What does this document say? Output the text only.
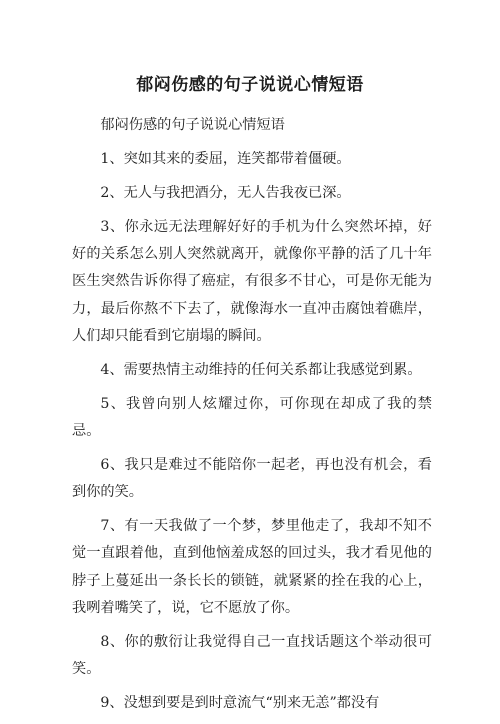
郁闷伤感的句子说说心情短语

郁闷伤感的句子说说心情短语

1、突如其来的委屈，连笑都带着僵硬。

2、无人与我把酒分，无人告我夜已深。

3、你永远无法理解好好的手机为什么突然坏掉，好好的关系怎么别人突然就离开，就像你平静的活了几十年医生突然告诉你得了癌症，有很多不甘心，可是你无能为力，最后你熬不下去了，就像海水一直冲击腐蚀着礁岸，人们却只能看到它崩塌的瞬间。

4、需要热情主动维持的任何关系都让我感觉到累。

5、我曾向别人炫耀过你，可你现在却成了我的禁忌。

6、我只是难过不能陪你一起老，再也没有机会，看到你的笑。

7、有一天我做了一个梦，梦里他走了，我却不知不觉一直跟着他，直到他恼羞成怒的回过头，我才看见他的脖子上蔓延出一条长长的锁链，就紧紧的拴在我的心上，我咧着嘴笑了，说，它不愿放了你。

8、你的敷衍让我觉得自己一直找话题这个举动很可笑。

9、没想到要是到时意流气“别来无恙”都没有
